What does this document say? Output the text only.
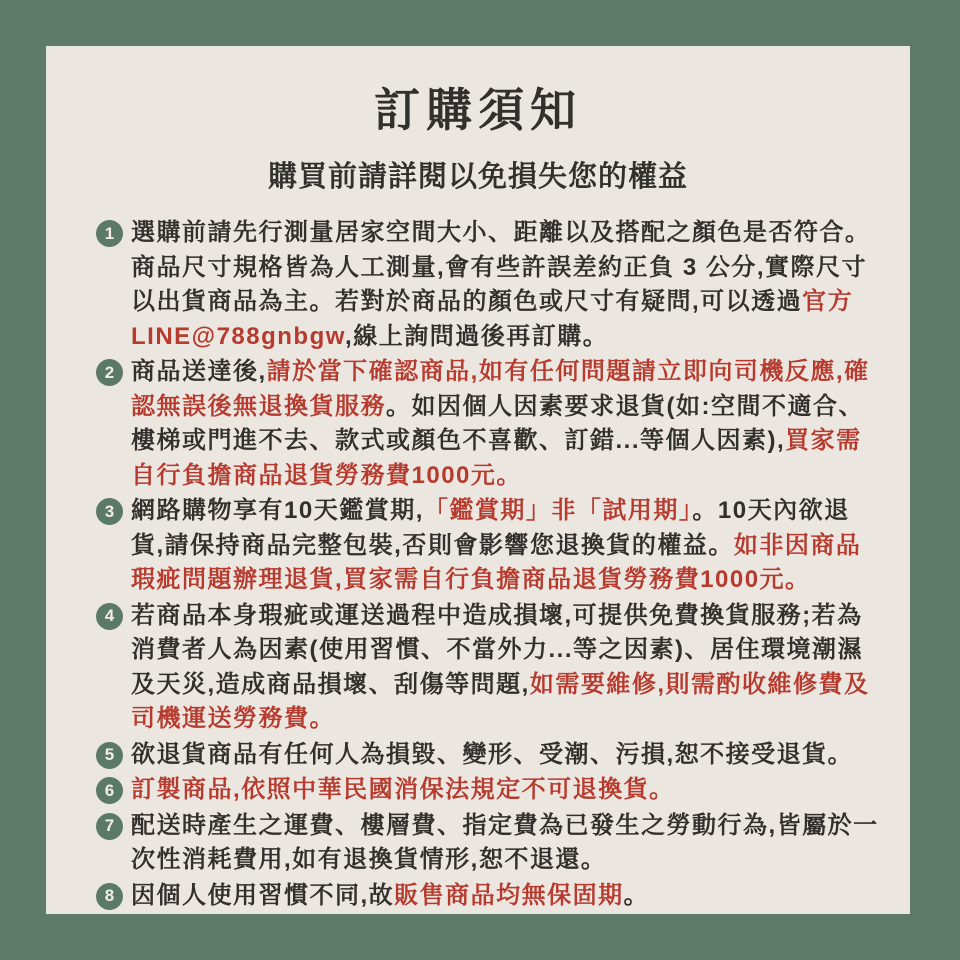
訂購須知
購買前請詳閱以免損失您的權益
1 選購前請先行測量居家空間大小、距離以及搭配之顏色是否符合。商品尺寸規格皆為人工測量,會有些許誤差約正負 3 公分,實際尺寸以出貨商品為主。若對於商品的顏色或尺寸有疑問,可以透過官方LINE@788gnbgw,線上詢問過後再訂購。

2 商品送達後,請於當下確認商品,如有任何問題請立即向司機反應,確認無誤後無退換貨服務。如因個人因素要求退貨(如:空間不適合、樓梯或門進不去、款式或顏色不喜歡、訂錯...等個人因素),買家需自行負擔商品退貨勞務費1000元。

3 網路購物享有10天鑑賞期,「鑑賞期」非「試用期」。10天內欲退貨,請保持商品完整包裝,否則會影響您退換貨的權益。如非因商品瑕疵問題辦理退貨,買家需自行負擔商品退貨勞務費1000元。

4 若商品本身瑕疵或運送過程中造成損壞,可提供免費換貨服務;若為消費者人為因素(使用習慣、不當外力...等之因素)、居住環境潮濕及天災,造成商品損壞、刮傷等問題,如需要維修,則需酌收維修費及司機運送勞務費。

5 欲退貨商品有任何人為損毀、變形、受潮、污損,恕不接受退貨。

6 訂製商品,依照中華民國消保法規定不可退換貨。

7 配送時產生之運費、樓層費、指定費為已發生之勞動行為,皆屬於一次性消耗費用,如有退換貨情形,恕不退還。

8 因個人使用習慣不同,故販售商品均無保固期。
